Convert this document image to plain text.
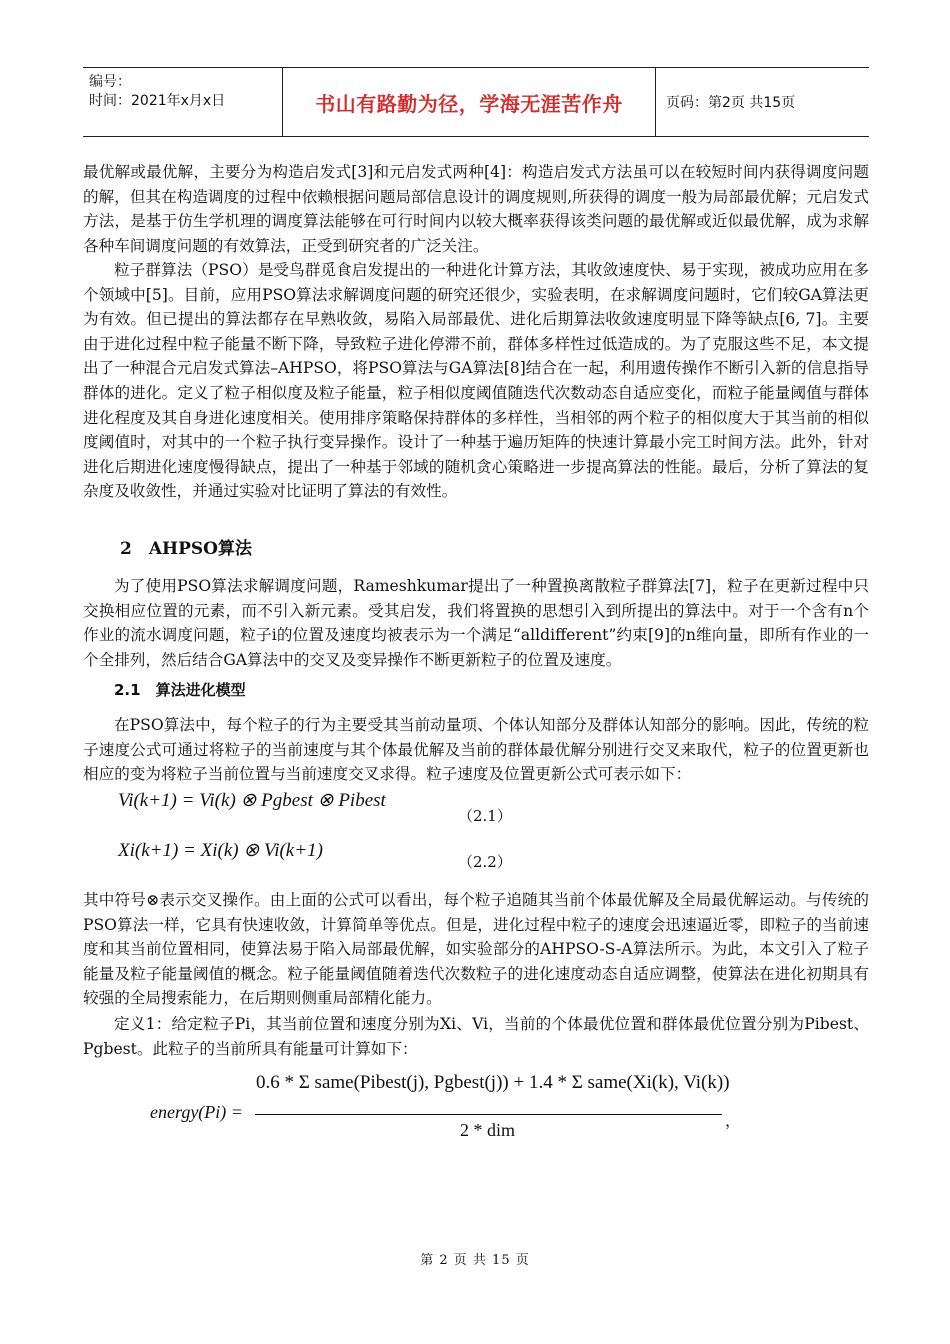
编号：
时间：2021年x月x日	书山有路勤为径，学海无涯苦作舟	页码：第2页 共15页

最优解或最优解，主要分为构造启发式[3]和元启发式两种[4]：构造启发式方法虽可以在较短时间内获得调度问题的解，但其在构造调度的过程中依赖根据问题局部信息设计的调度规则,所获得的调度一般为局部最优解；元启发式方法，是基于仿生学机理的调度算法能够在可行时间内以较大概率获得该类问题的最优解或近似最优解，成为求解各种车间调度问题的有效算法，正受到研究者的广泛关注。

粒子群算法（PSO）是受鸟群觅食启发提出的一种进化计算方法，其收敛速度快、易于实现，被成功应用在多个领域中[5]。目前，应用PSO算法求解调度问题的研究还很少，实验表明，在求解调度问题时，它们较GA算法更为有效。但已提出的算法都存在早熟收敛，易陷入局部最优、进化后期算法收敛速度明显下降等缺点[6, 7]。主要由于进化过程中粒子能量不断下降，导致粒子进化停滞不前，群体多样性过低造成的。为了克服这些不足，本文提出了一种混合元启发式算法–AHPSO，将PSO算法与GA算法[8]结合在一起，利用遗传操作不断引入新的信息指导群体的进化。定义了粒子相似度及粒子能量，粒子相似度阈值随迭代次数动态自适应变化，而粒子能量阈值与群体进化程度及其自身进化速度相关。使用排序策略保持群体的多样性，当相邻的两个粒子的相似度大于其当前的相似度阈值时，对其中的一个粒子执行变异操作。设计了一种基于遍历矩阵的快速计算最小完工时间方法。此外，针对进化后期进化速度慢得缺点，提出了一种基于邻域的随机贪心策略进一步提高算法的性能。最后，分析了算法的复杂度及收敛性，并通过实验对比证明了算法的有效性。

2　AHPSO算法

为了使用PSO算法求解调度问题，Rameshkumar提出了一种置换离散粒子群算法[7]，粒子在更新过程中只交换相应位置的元素，而不引入新元素。受其启发，我们将置换的思想引入到所提出的算法中。对于一个含有n个作业的流水调度问题，粒子i的位置及速度均被表示为一个满足“alldifferent”约束[9]的n维向量，即所有作业的一个全排列，然后结合GA算法中的交叉及变异操作不断更新粒子的位置及速度。

2.1　算法进化模型

在PSO算法中，每个粒子的行为主要受其当前动量项、个体认知部分及群体认知部分的影响。因此，传统的粒子速度公式可通过将粒子的当前速度与其个体最优解及当前的群体最优解分别进行交叉来取代，粒子的位置更新也相应的变为将粒子当前位置与当前速度交叉求得。粒子速度及位置更新公式可表示如下：

Vi(k+1) = Vi(k) ⊗ Pgbest ⊗ Pibest
（2.1）
Xi(k+1) = Xi(k) ⊗ Vi(k+1)
（2.2）

其中符号⊗表示交叉操作。由上面的公式可以看出，每个粒子追随其当前个体最优解及全局最优解运动。与传统的PSO算法一样，它具有快速收敛，计算简单等优点。但是，进化过程中粒子的速度会迅速逼近零，即粒子的当前速度和其当前位置相同，使算法易于陷入局部最优解，如实验部分的AHPSO-S-A算法所示。为此，本文引入了粒子能量及粒子能量阈值的概念。粒子能量阈值随着迭代次数粒子的进化速度动态自适应调整，使算法在进化初期具有较强的全局搜索能力，在后期则侧重局部精化能力。

定义1：给定粒子Pi，其当前位置和速度分别为Xi、Vi，当前的个体最优位置和群体最优位置分别为Pibest、Pgbest。此粒子的当前所具有能量可计算如下：

energy(Pi) =
0.6 * Σ same(Pibest(j), Pgbest(j)) + 1.4 * Σ same(Xi(k), Vi(k))
2 * dim	，
第 2 页 共 15 页
